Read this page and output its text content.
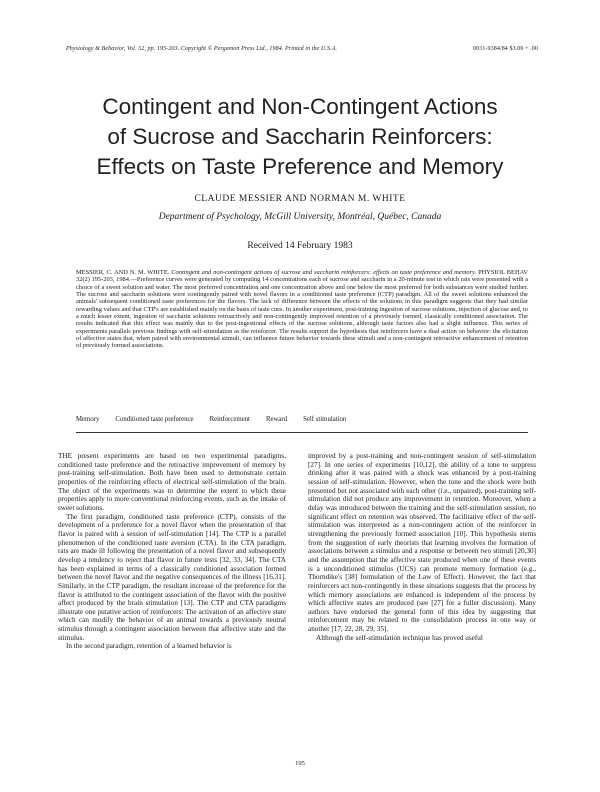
Physiology & Behavior, Vol. 32, pp. 195-203. Copyright © Pergamon Press Ltd., 1984. Printed in the U.S.A.	0031-9384/84 $3.00 + .00
Contingent and Non-Contingent Actions
of Sucrose and Saccharin Reinforcers:
Effects on Taste Preference and Memory
CLAUDE MESSIER AND NORMAN M. WHITE
Department of Psychology, McGill University, Montréal, Québec, Canada
Received 14 February 1983
MESSIER, C. AND N. M. WHITE. Contingent and non-contingent actions of sucrose and saccharin reinforcers: effects on taste preference and memory. PHYSIOL BEHAV 32(2) 195-203, 1984.—Preference curves were generated by computing 14 concentrations each of sucrose and saccharin in a 20-minute test in which rats were presented with a choice of a sweet solution and water. The most preferred concentration and one concentration above and one below the most preferred for both substances were studied further. The sucrose and saccharin solutions were contingently paired with novel flavors in a conditioned taste preference (CTP) paradigm. All of the sweet solutions enhanced the animals' subsequent conditioned taste preferences for the flavors. The lack of difference between the effects of the solutions in this paradigm suggests that they had similar rewarding values and that CTP's are established mainly on the basis of taste cues. In another experiment, post-training ingestion of sucrose solutions, injection of glucose and, to a much lesser extent, ingestion of saccharin solutions retroactively and non-contingently improved retention of a previously formed, classically conditioned association. The results indicated that this effect was mainly due to the post-ingestional effects of the sucrose solutions, although taste factors also had a slight influence. This series of experiments parallels previous findings with self-stimulation as the reinforcer. The results support the hypothesis that reinforcers have a dual action on behavior: the elicitation of affective states that, when paired with environmental stimuli, can influence future behavior towards these stimuli and a non-contingent retroactive enhancement of retention of previously formed associations.
Memory Conditioned taste preference Reinforcement Reward Self stimulation

THE present experiments are based on two experimental paradigms, conditioned taste preference and the retroactive improvement of memory by post-training self-stimulation. Both have been used to demonstrate certain properties of the reinforcing effects of electrical self-stimulation of the brain. The object of the experiments was to determine the extent to which these properties apply to more conventional reinforcing events, such as the intake of sweet solutions.

The first paradigm, conditioned taste preference (CTP), consists of the development of a preference for a novel flavor when the presentation of that flavor is paired with a session of self-stimulation [14]. The CTP is a parallel phenomenon of the conditioned taste aversion (CTA). In the CTA paradigm, rats are made ill following the presentation of a novel flavor and subsequently develop a tendency to reject that flavor in future tests [32, 33, 34]. The CTA has been explained in terms of a classically conditioned association formed between the novel flavor and the negative consequences of the illness [16,31]. Similarly, in the CTP paradigm, the resultant increase of the preference for the flavor is attributed to the contingent association of the flavor with the positive affect produced by the brain stimulation [13]. The CTP and CTA paradigms illustrate one putative action of reinforcers: The activation of an affective state which can modify the behavior of an animal towards a previously neutral stimulus through a contingent association between that affective state and the stimulus.

In the second paradigm, retention of a learned behavior is

improved by a post-training and non-contingent session of self-stimulation [27]. In one series of experiments [10,12], the ability of a tone to suppress drinking after it was paired with a shock was enhanced by a post-training session of self-stimulation. However, when the tone and the shock were both presented but not associated with each other (i.e., unpaired), post-training self-stimulation did not produce any improvement in retention. Moreover, when a delay was introduced between the training and the self-stimulation session, no significant effect on retention was observed. The facilitative effect of the self-stimulation was interpreted as a non-contingent action of the reinforcer in strengthening the previously formed association [10]. This hypothesis stems from the suggestion of early theorists that learning involves the formation of associations between a stimulus and a response or between two stimuli [20,30] and the assumption that the affective state produced when one of these events is a unconditioned stimulus (UCS) can promote memory formation (e.g., Thorndike's [38] formulation of the Law of Effect). However, the fact that reinforcers act non-contingently in these situations suggests that the process by which memory associations are enhanced is independent of the process by which affective states are produced (see [27] for a fuller discussion). Many authors have endorsed the general form of this idea by suggesting that reinforcement may be related to the consolidation process in one way or another [17, 22, 28, 29, 35].

Although the self-stimulation technique has proved useful

195
